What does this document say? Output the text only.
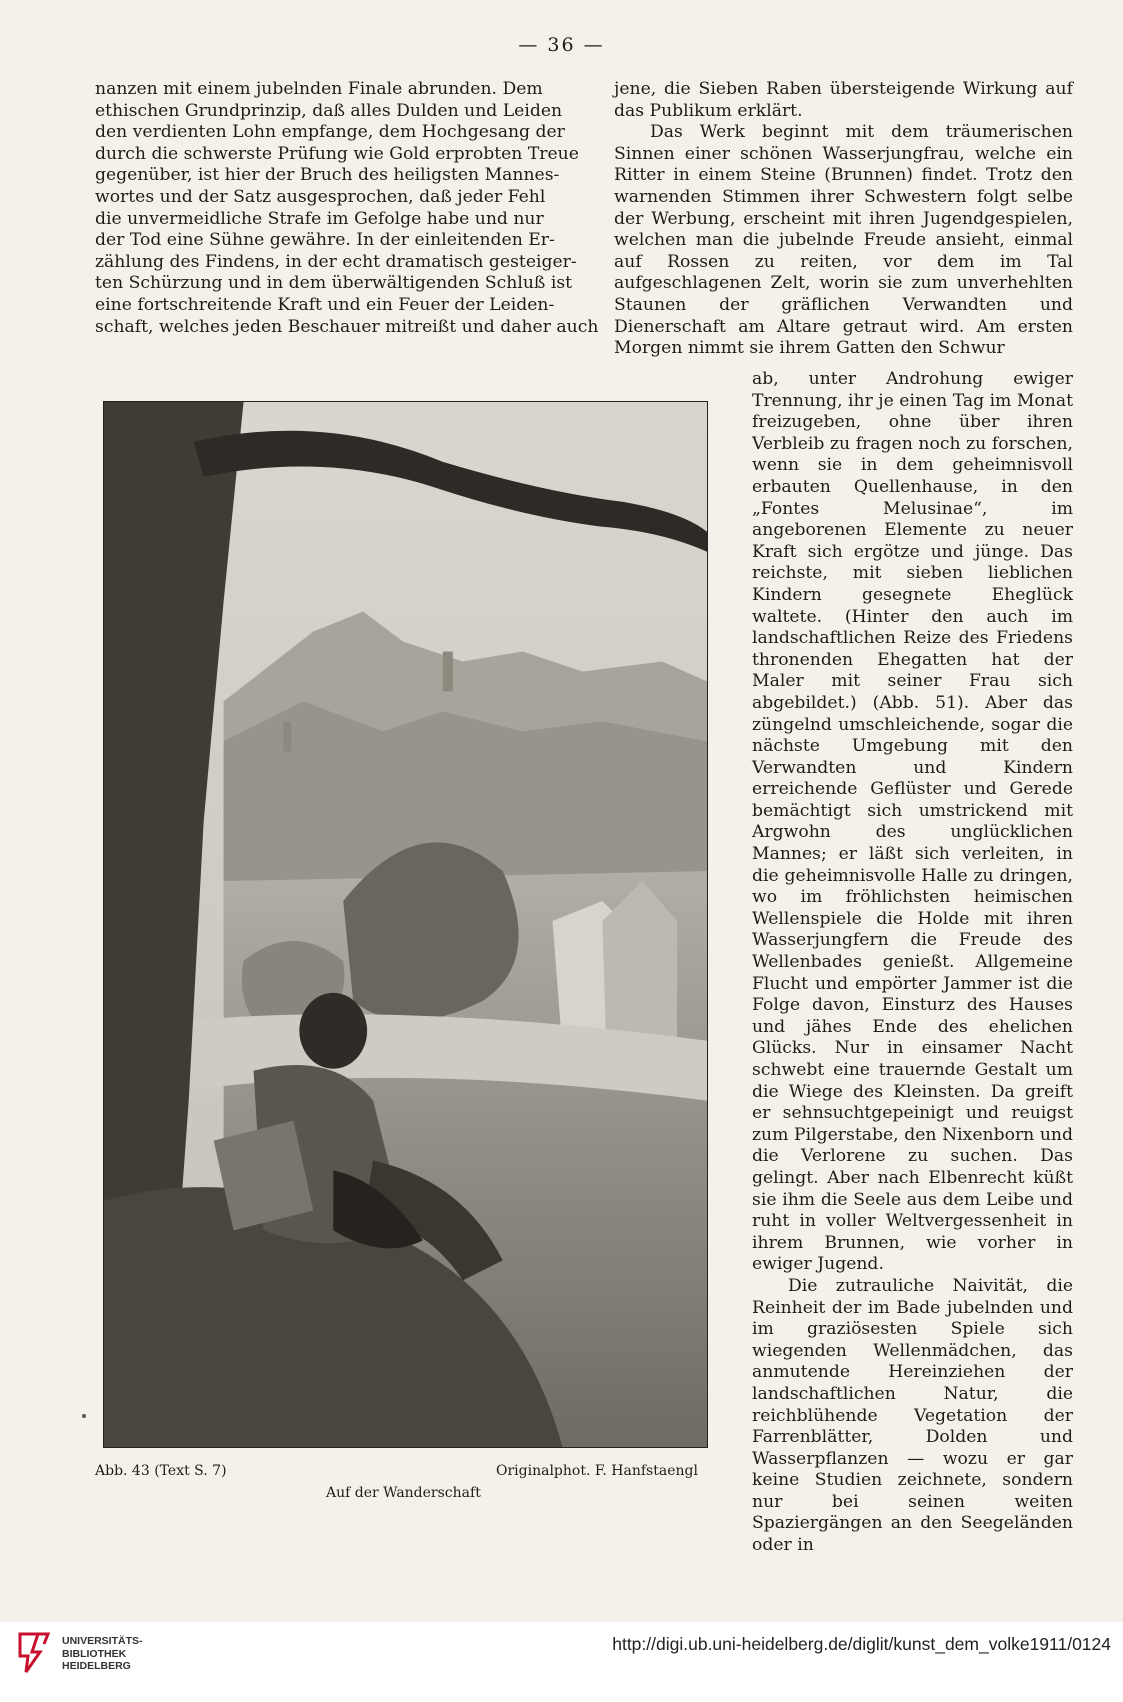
— 36 —

nanzen mit einem jubelnden Finale abrunden. Dem

ethischen Grundprinzip, daß alles Dulden und Leiden

den verdienten Lohn empfange, dem Hochgesang der

durch die schwerste Prüfung wie Gold erprobten Treue

gegenüber, ist hier der Bruch des heiligsten Mannes-

wortes und der Satz ausgesprochen, daß jeder Fehl

die unvermeidliche Strafe im Gefolge habe und nur

der Tod eine Sühne gewähre. In der einleitenden Er-

zählung des Findens, in der echt dramatisch gesteiger-

ten Schürzung und in dem überwältigenden Schluß ist

eine fortschreitende Kraft und ein Feuer der Leiden-

schaft, welches jeden Beschauer mitreißt und daher auch

jene, die Sieben Raben übersteigende Wirkung auf das Publikum erklärt.

Das Werk beginnt mit dem träumerischen Sinnen einer schönen Wasserjungfrau, welche ein Ritter in einem Steine (Brunnen) findet. Trotz den warnenden Stimmen ihrer Schwestern folgt selbe der Werbung, erscheint mit ihren Jugendgespielen, welchen man die jubelnde Freude ansieht, einmal auf Rossen zu reiten, vor dem im Tal aufgeschlagenen Zelt, worin sie zum unverhehlten Staunen der gräflichen Verwandten und Dienerschaft am Altare getraut wird. Am ersten Morgen nimmt sie ihrem Gatten den Schwur

ab, unter Androhung ewiger Trennung, ihr je einen Tag im Monat freizugeben, ohne über ihren Verbleib zu fragen noch zu forschen, wenn sie in dem geheimnisvoll erbauten Quellenhause, in den „Fontes Melusinae“, im angeborenen Elemente zu neuer Kraft sich ergötze und jünge. Das reichste, mit sieben lieblichen Kindern gesegnete Eheglück waltete. (Hinter den auch im landschaftlichen Reize des Friedens thronenden Ehegatten hat der Maler mit seiner Frau sich abgebildet.) (Abb. 51). Aber das züngelnd umschleichende, sogar die nächste Umgebung mit den Verwandten und Kindern erreichende Geflüster und Gerede bemächtigt sich umstrickend mit Argwohn des unglücklichen Mannes; er läßt sich verleiten, in die geheimnisvolle Halle zu dringen, wo im fröhlichsten heimischen Wellenspiele die Holde mit ihren Wasserjungfern die Freude des Wellenbades genießt. Allgemeine Flucht und empörter Jammer ist die Folge davon, Einsturz des Hauses und jähes Ende des ehelichen Glücks. Nur in einsamer Nacht schwebt eine trauernde Gestalt um die Wiege des Kleinsten. Da greift er sehnsuchtgepeinigt und reuigst zum Pilgerstabe, den Nixenborn und die Verlorene zu suchen. Das gelingt. Aber nach Elbenrecht küßt sie ihm die Seele aus dem Leibe und ruht in voller Weltvergessenheit in ihrem Brunnen, wie vorher in ewiger Jugend.

Die zutrauliche Naivität, die Reinheit der im Bade jubelnden und im graziösesten Spiele sich wiegenden Wellenmädchen, das anmutende Hereinziehen der landschaftlichen Natur, die reichblühende Vegetation der Farrenblätter, Dolden und Wasserpflanzen — wozu er gar keine Studien zeichnete, sondern nur bei seinen weiten Spaziergängen an den Seegeländen oder in

Abb. 43 (Text S. 7)	Originalphot. F. Hanfstaengl
Auf der Wanderschaft
UNIVERSITÄTS-
BIBLIOTHEK
HEIDELBERG
http://digi.ub.uni-heidelberg.de/diglit/kunst_dem_volke1911/0124
